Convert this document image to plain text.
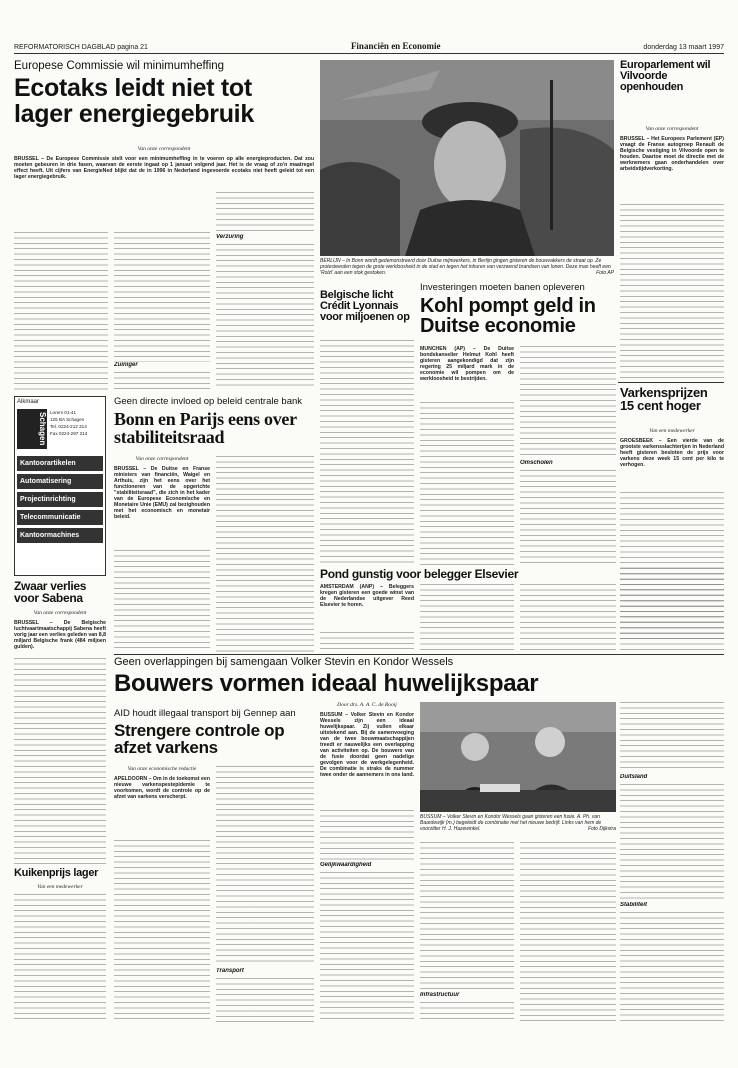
REFORMATORISCH DAGBLAD pagina 21	Financiën en Economie	donderdag 13 maart 1997
Europese Commissie wil minimumheffing
Ecotaks leidt niet tot lager energiegebruik
Van onze correspondent
BRUSSEL – De Europese Commissie stelt voor een minimumheffing in te voeren op alle energieproducten. Dat zou moeten gebeuren in drie fasen, waarvan de eerste ingaat op 1 januari volgend jaar. Het is de vraag of zo'n maatregel effect heeft. Uit cijfers van EnergieNed blijkt dat de in 1996 in Nederland ingevoerde ecotaks niet heeft geleid tot een lager energiegebruik.
Zuiniger
Verzuring
BERLIJN – In Bonn wordt gedemonstreerd door Duitse mijnwerkers, in Berlijn gingen gisteren de bouwvakkers de straat op. Ze protesteerden tegen de grote werkloosheid in de stad en tegen het inhuren van verzwend brandsen van lonen. Deze man heeft een 'Rolzl' aan een stok gestoken.	Foto AP
Europarlement wil Vilvoorde openhouden
Van onze correspondent
BRUSSEL – Het Europees Parlement (EP) vraagt de Franse autogroep Renault de Belgische vestiging in Vilvoorde open te houden. Daartoe moet de directie met de werknemers gaan onderhandelen over arbeidstijdverkorting.
Belgische licht Crédit Lyonnais voor miljoenen op
Investeringen moeten banen opleveren
Kohl pompt geld in Duitse economie
MÜNCHEN (AP) – De Duitse bondskanselier Helmut Kohl heeft gisteren aangekondigd dat zijn regering 25 miljard mark in de economie wil pompen om de werkloosheid te bestrijden.
Omscholen
Varkensprijzen 15 cent hoger
Van een medewerker
GROESBEEK – Een vierde van de grootste varkensslachterijen in Nederland heeft gisteren besloten de prijs voor varkens deze week 15 cent per kilo te verhogen.
Alkmaar
Schagen Lorem 01-41
125 BA Schagen
Tel. 0224-212 314
Fax 0224-297 214
Kantoorartikelen
Automatisering
Projectinrichting
Telecommunicatie
Kantoormachines
Geen directe invloed op beleid centrale bank
Bonn en Parijs eens over stabiliteitsraad
Van onze correspondent
BRUSSEL – De Duitse en Franse ministers van financiën, Waigel en Arthuis, zijn het eens over het functioneren van de opgerichte "stabiliteitsraad", die zich in het kader van de Europese Economische en Monetaire Unie (EMU) zal bezighouden met het economisch en monetair beleid.
Zwaar verlies voor Sabena
Van onze correspondent
BRUSSEL – De Belgische luchtvaartmaatschappij Sabena heeft vorig jaar een verlies geleden van 8,8 miljard Belgische frank (484 miljoen gulden).
Pond gunstig voor belegger Elsevier
AMSTERDAM (ANP) – Beleggers kregen gisteren een goede winst van de Nederlandse uitgever Reed Elsevier te horen.
Geen overlappingen bij samengaan Volker Stevin en Kondor Wessels
Bouwers vormen ideaal huwelijkspaar
Door drs. A. A. C. de Rooij
BUSSUM – Volker Stevin en Kondor Wessels zijn een ideaal huwelijkspaar. Zij vullen elkaar uitstekend aan. Bij de samenvoeging van de twee bouwmaatschappijen treedt er nauwelijks een overlapping van activiteiten op. De bouwers van de fusie doordat geen nadelige gevolgen voor de werkgelegenheid. De combinatie is straks de nummer twee onder de aannemers in ons land.
BUSSUM – Volker Stevin en Kondor Wessels gaan gisteren een fusie. A. Ph. van Baardewijk (m.) begeleidt de combinatie met het nieuwe bedrijf. Links van hem de voorzitter H. J. Hazewinkel.	Foto Dijkstra
Gelijkwaardigheid
Infrastructuur
Duitsland
Stabiliteit
AID houdt illegaal transport bij Gennep aan
Strengere controle op afzet varkens
Van onze economische redactie
APELDOORN – Om in de toekomst een nieuwe varkenspestepidemie te voorkomen, wordt de controle op de afzet van varkens verscherpt.
Transport
Kuikenprijs lager
Van een medewerker
